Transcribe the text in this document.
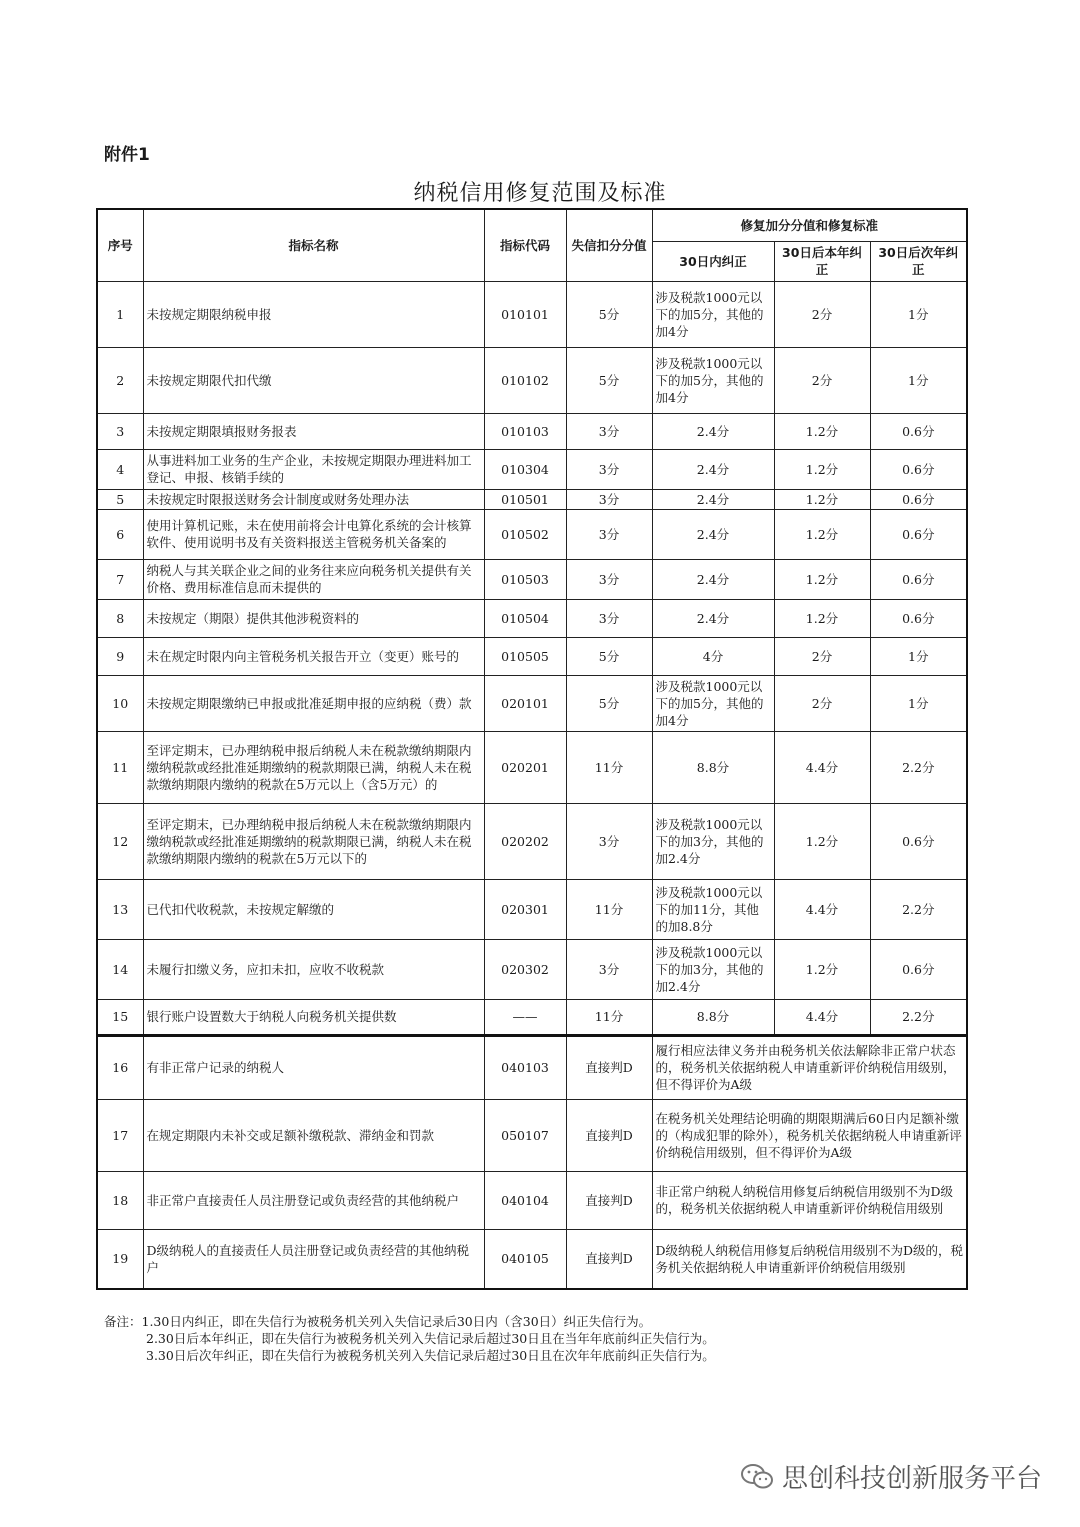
附件1
纳税信用修复范围及标准
序号	指标名称	指标代码	失信扣分分值	修复加分分值和修复标准		
				30日内纠正	30日后本年纠正	30日后次年纠正
1	未按规定期限纳税申报	010101	5分	涉及税款1000元以下的加5分，其他的加4分	2分	1分
2	未按规定期限代扣代缴	010102	5分	涉及税款1000元以下的加5分，其他的加4分	2分	1分
3	未按规定期限填报财务报表	010103	3分	2.4分	1.2分	0.6分
4	从事进料加工业务的生产企业，未按规定期限办理进料加工登记、申报、核销手续的	010304	3分	2.4分	1.2分	0.6分
5	未按规定时限报送财务会计制度或财务处理办法	010501	3分	2.4分	1.2分	0.6分
6	使用计算机记账，未在使用前将会计电算化系统的会计核算软件、使用说明书及有关资料报送主管税务机关备案的	010502	3分	2.4分	1.2分	0.6分
7	纳税人与其关联企业之间的业务往来应向税务机关提供有关价格、费用标准信息而未提供的	010503	3分	2.4分	1.2分	0.6分
8	未按规定（期限）提供其他涉税资料的	010504	3分	2.4分	1.2分	0.6分
9	未在规定时限内向主管税务机关报告开立（变更）账号的	010505	5分	4分	2分	1分
10	未按规定期限缴纳已申报或批准延期申报的应纳税（费）款	020101	5分	涉及税款1000元以下的加5分，其他的加4分	2分	1分
11	至评定期末，已办理纳税申报后纳税人未在税款缴纳期限内缴纳税款或经批准延期缴纳的税款期限已满，纳税人未在税款缴纳期限内缴纳的税款在5万元以上（含5万元）的	020201	11分	8.8分	4.4分	2.2分
12	至评定期末，已办理纳税申报后纳税人未在税款缴纳期限内缴纳税款或经批准延期缴纳的税款期限已满，纳税人未在税款缴纳期限内缴纳的税款在5万元以下的	020202	3分	涉及税款1000元以下的加3分，其他的加2.4分	1.2分	0.6分
13	已代扣代收税款，未按规定解缴的	020301	11分	涉及税款1000元以下的加11分，其他的加8.8分	4.4分	2.2分
14	未履行扣缴义务，应扣未扣，应收不收税款	020302	3分	涉及税款1000元以下的加3分，其他的加2.4分	1.2分	0.6分
15	银行账户设置数大于纳税人向税务机关提供数	——	11分	8.8分	4.4分	2.2分
16	有非正常户记录的纳税人	040103	直接判D	履行相应法律义务并由税务机关依法解除非正常户状态的，税务机关依据纳税人申请重新评价纳税信用级别，但不得评价为A级		
17	在规定期限内未补交或足额补缴税款、滞纳金和罚款	050107	直接判D	在税务机关处理结论明确的期限期满后60日内足额补缴的（构成犯罪的除外），税务机关依据纳税人申请重新评价纳税信用级别，但不得评价为A级		
18	非正常户直接责任人员注册登记或负责经营的其他纳税户	040104	直接判D	非正常户纳税人纳税信用修复后纳税信用级别不为D级的，税务机关依据纳税人申请重新评价纳税信用级别		
19	D级纳税人的直接责任人员注册登记或负责经营的其他纳税户	040105	直接判D	D级纳税人纳税信用修复后纳税信用级别不为D级的，税务机关依据纳税人申请重新评价纳税信用级别		
备注：1.30日内纠正，即在失信行为被税务机关列入失信记录后30日内（含30日）纠正失信行为。
2.30日后本年纠正，即在失信行为被税务机关列入失信记录后超过30日且在当年年底前纠正失信行为。
3.30日后次年纠正，即在失信行为被税务机关列入失信记录后超过30日且在次年年底前纠正失信行为。
思创科技创新服务平台
